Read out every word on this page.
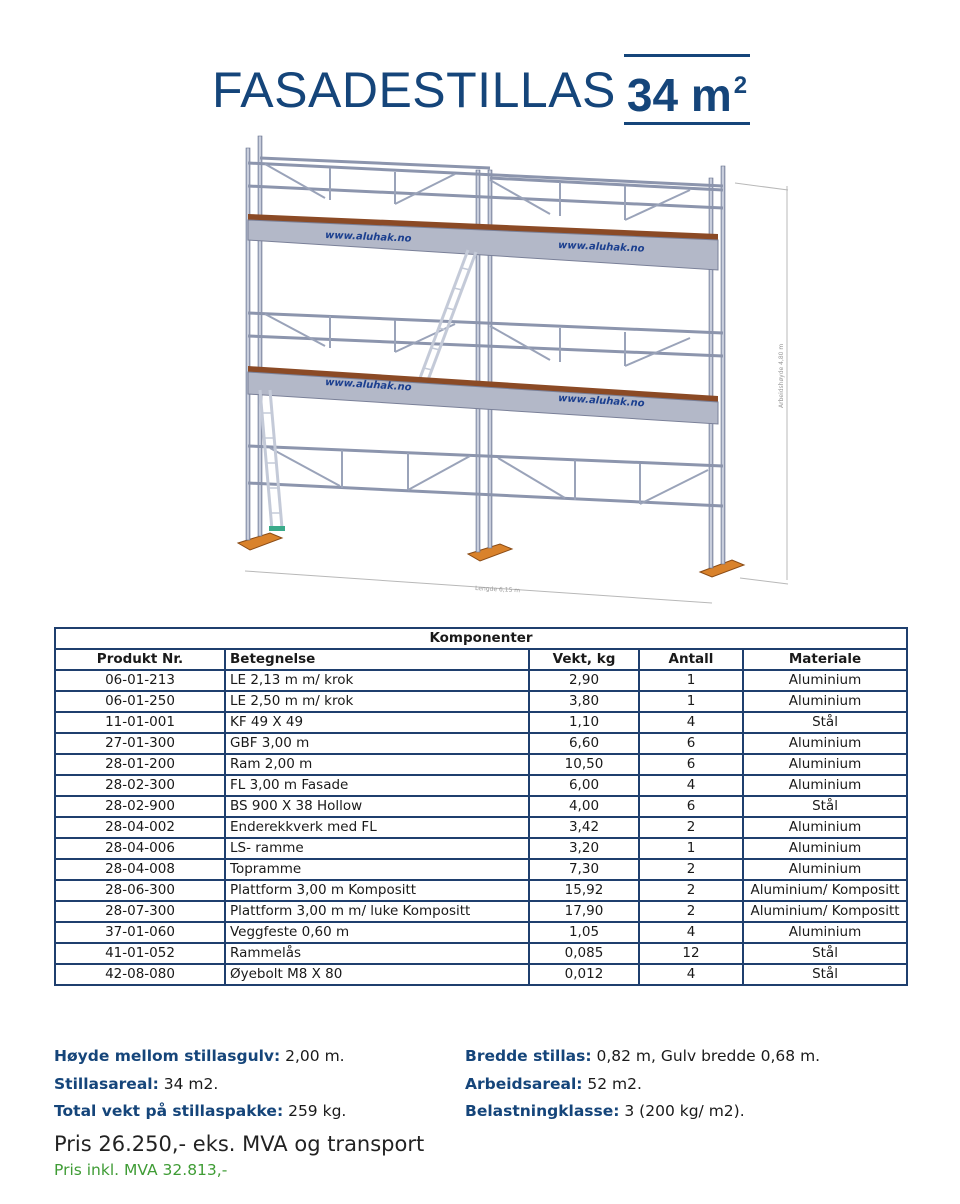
FASADESTILLAS 34 $m^2$
Lengde 6,15 m
Arbeidshøyde 4,80 m
www.aluhak.no
www.aluhak.no
www.aluhak.no
www.aluhak.no
Komponenter				
Produkt Nr.	Betegnelse	Vekt, kg	Antall	Materiale
06-01-213	LE 2,13 m m/ krok	2,90	1	Aluminium
06-01-250	LE 2,50 m m/ krok	3,80	1	Aluminium
11-01-001	KF 49 X 49	1,10	4	Stål
27-01-300	GBF 3,00 m	6,60	6	Aluminium
28-01-200	Ram 2,00 m	10,50	6	Aluminium
28-02-300	FL 3,00 m Fasade	6,00	4	Aluminium
28-02-900	BS 900 X 38 Hollow	4,00	6	Stål
28-04-002	Enderekkverk med FL	3,42	2	Aluminium
28-04-006	LS- ramme	3,20	1	Aluminium
28-04-008	Topramme	7,30	2	Aluminium
28-06-300	Plattform 3,00 m Kompositt	15,92	2	Aluminium/ Kompositt
28-07-300	Plattform 3,00 m m/ luke Kompositt	17,90	2	Aluminium/ Kompositt
37-01-060	Veggfeste 0,60 m	1,05	4	Aluminium
41-01-052	Rammelås	0,085	12	Stål
42-08-080	Øyebolt M8 X 80	0,012	4	Stål
Høyde mellom stillasgulv: 2,00 m.
Stillasareal: 34 m2.
Total vekt på stillaspakke: 259 kg.
Bredde stillas: 0,82 m, Gulv bredde 0,68 m.
Arbeidsareal: 52 m2.
Belastningklasse: 3 (200 kg/ m2).
Pris 26.250,- eks. MVA og transport
Pris inkl. MVA 32.813,-
